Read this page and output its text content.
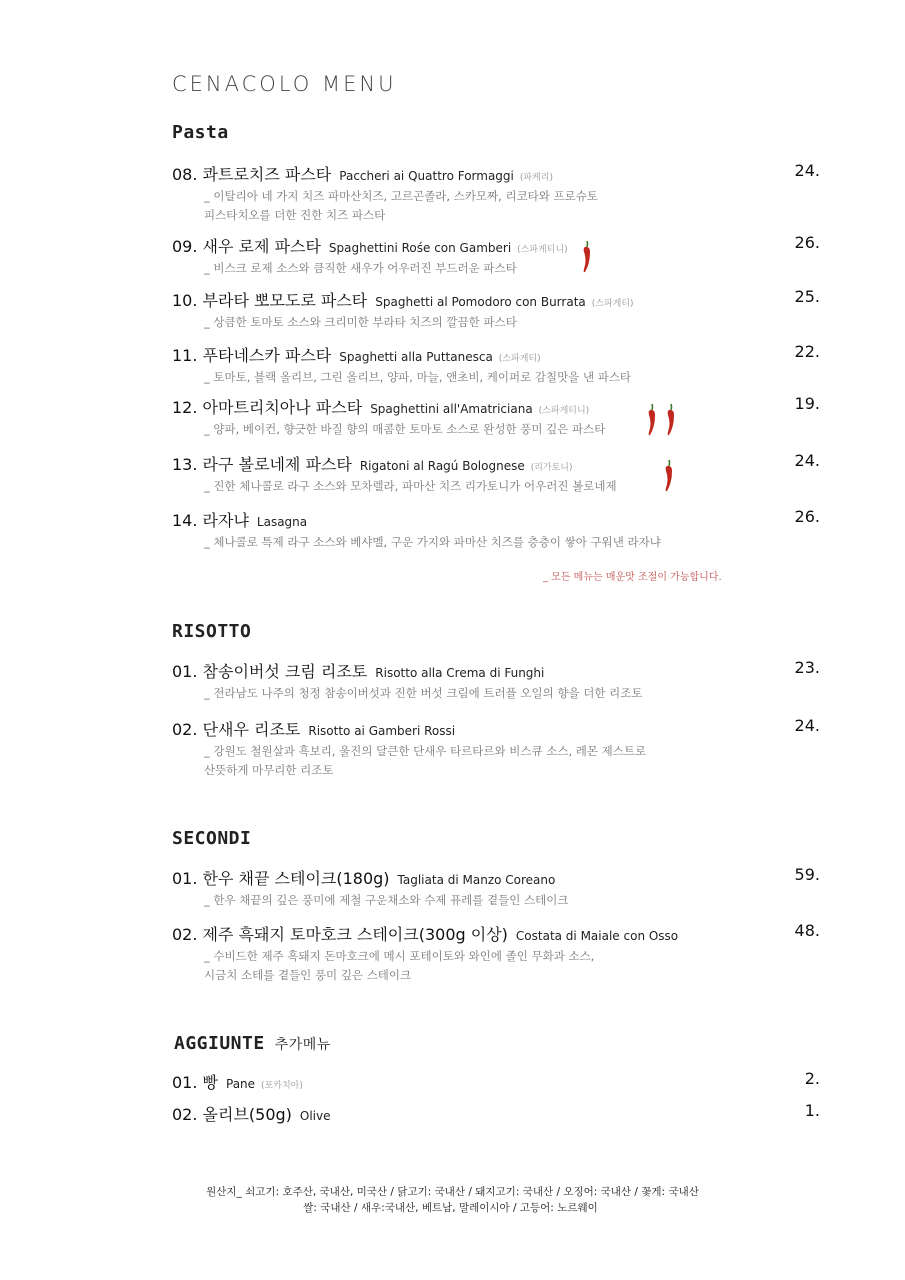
CENACOLO MENU
Pasta
08. 콰트로치즈 파스타 Paccheri ai Quattro Formaggi (파케리)	24.
_ 이탈리아 네 가지 치즈 파마산치즈, 고르곤졸라, 스카모짜, 리코타와 프로슈토
피스타치오를 더한 진한 치즈 파스타
09. 새우 로제 파스타 Spaghettini Rośe con Gamberi (스파게티니)	26.
_ 비스크 로제 소스와 큼직한 새우가 어우러진 부드러운 파스타
10. 부라타 뽀모도로 파스타 Spaghetti al Pomodoro con Burrata (스파게티)	25.
_ 상큼한 토마토 소스와 크리미한 부라타 치즈의 깔끔한 파스타
11. 푸타네스카 파스타 Spaghetti alla Puttanesca (스파게티)	22.
_ 토마토, 블랙 올리브, 그린 올리브, 양파, 마늘, 앤초비, 케이퍼로 감칠맛을 낸 파스타
12. 아마트리치아나 파스타 Spaghettini all'Amatriciana (스파게티니)	19.
_ 양파, 베이컨, 향긋한 바질 향의 매콤한 토마토 소스로 완성한 풍미 깊은 파스타
13. 라구 볼로네제 파스타 Rigatoni al Ragú Bolognese (리가토니)	24.
_ 진한 체나콜로 라구 소스와 모차렐라, 파마산 치즈 리가토니가 어우러진 볼로네제
14. 라자냐 Lasagna	26.
_ 체나콜로 특제 라구 소스와 베샤멜, 구운 가지와 파마산 치즈를 층층이 쌓아 구워낸 라자냐
_ 모든 메뉴는 매운맛 조절이 가능합니다.
RISOTTO
01. 참송이버섯 크림 리조토 Risotto alla Crema di Funghi	23.
_ 전라남도 나주의 청정 참송이버섯과 진한 버섯 크림에 트러플 오일의 향을 더한 리조토
02. 단새우 리조토 Risotto ai Gamberi Rossi	24.
_ 강원도 철원살과 흑보리, 울진의 달큰한 단새우 타르타르와 비스큐 소스, 레몬 제스트로
산뜻하게 마무리한 리조토
SECONDI
01. 한우 채끝 스테이크(180g) Tagliata di Manzo Coreano	59.
_ 한우 채끝의 깊은 풍미에 제철 구운채소와 수제 퓨레를 곁들인 스테이크
02. 제주 흑돼지 토마호크 스테이크(300g 이상) Costata di Maiale con Osso	48.
_ 수비드한 제주 흑돼지 돈마호크에 메시 포테이토와 와인에 졸인 무화과 소스,
시금치 소테를 곁들인 풍미 깊은 스테이크
AGGIUNTE 추가메뉴
01. 빵 Pane (포카치아)	2.
02. 올리브(50g) Olive	1.
원산지_ 쇠고기: 호주산, 국내산, 미국산 / 닭고기: 국내산 / 돼지고기: 국내산 / 오징어: 국내산 / 꽃게: 국내산
쌀: 국내산 / 새우:국내산, 베트남, 말레이시아 / 고등어: 노르웨이
